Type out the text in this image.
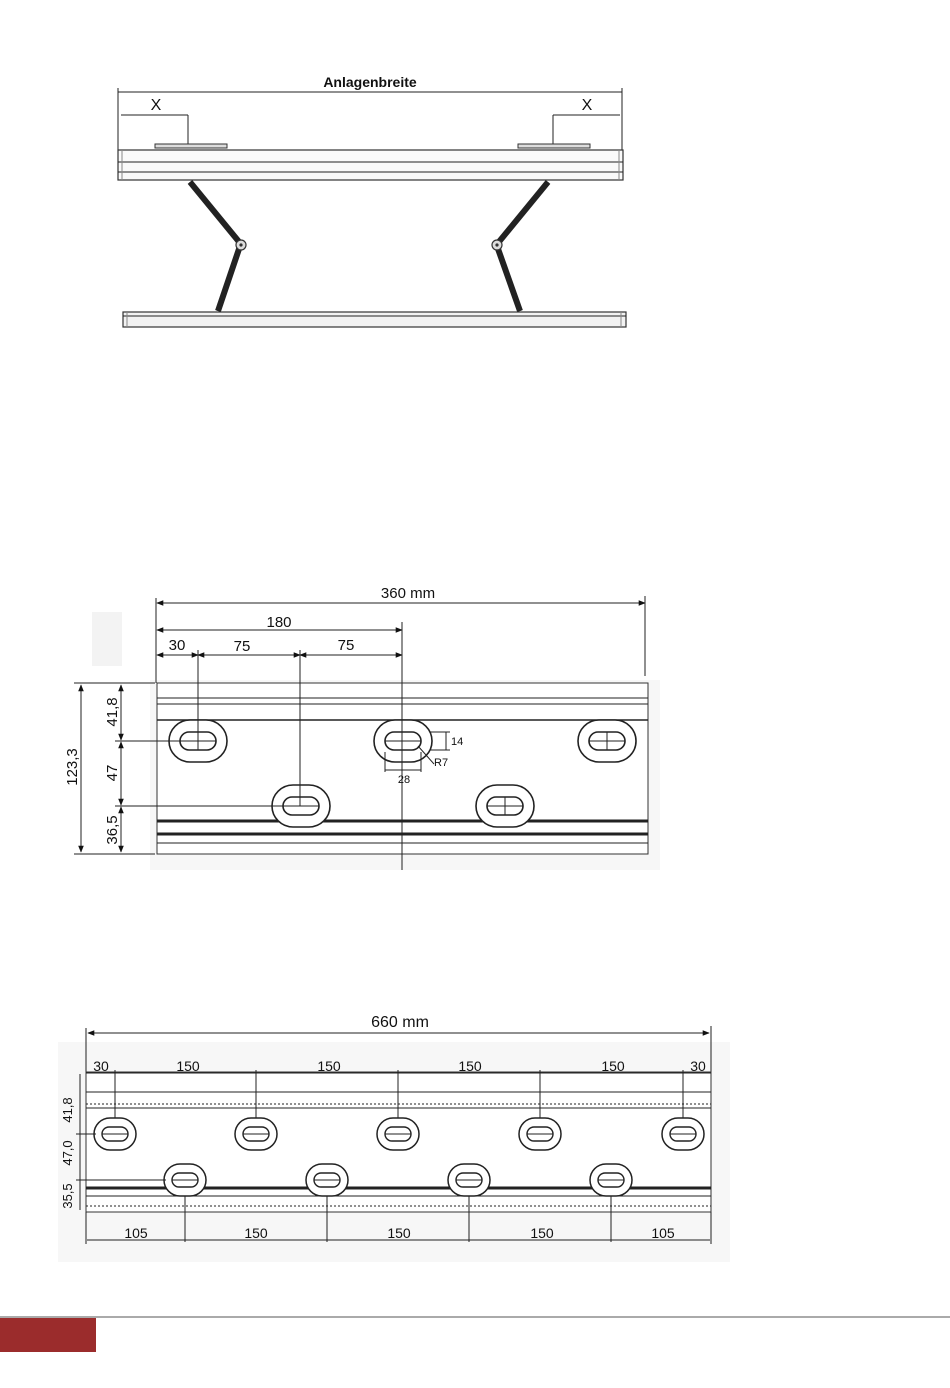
Anlagenbreite
X	X
360 mm
180
30	75	75
123,3
41,8
47
36,5
14
R7
28
660 mm
30	150	150	150	150	30
41,8
47,0
35,5
105	150	150	150	105
